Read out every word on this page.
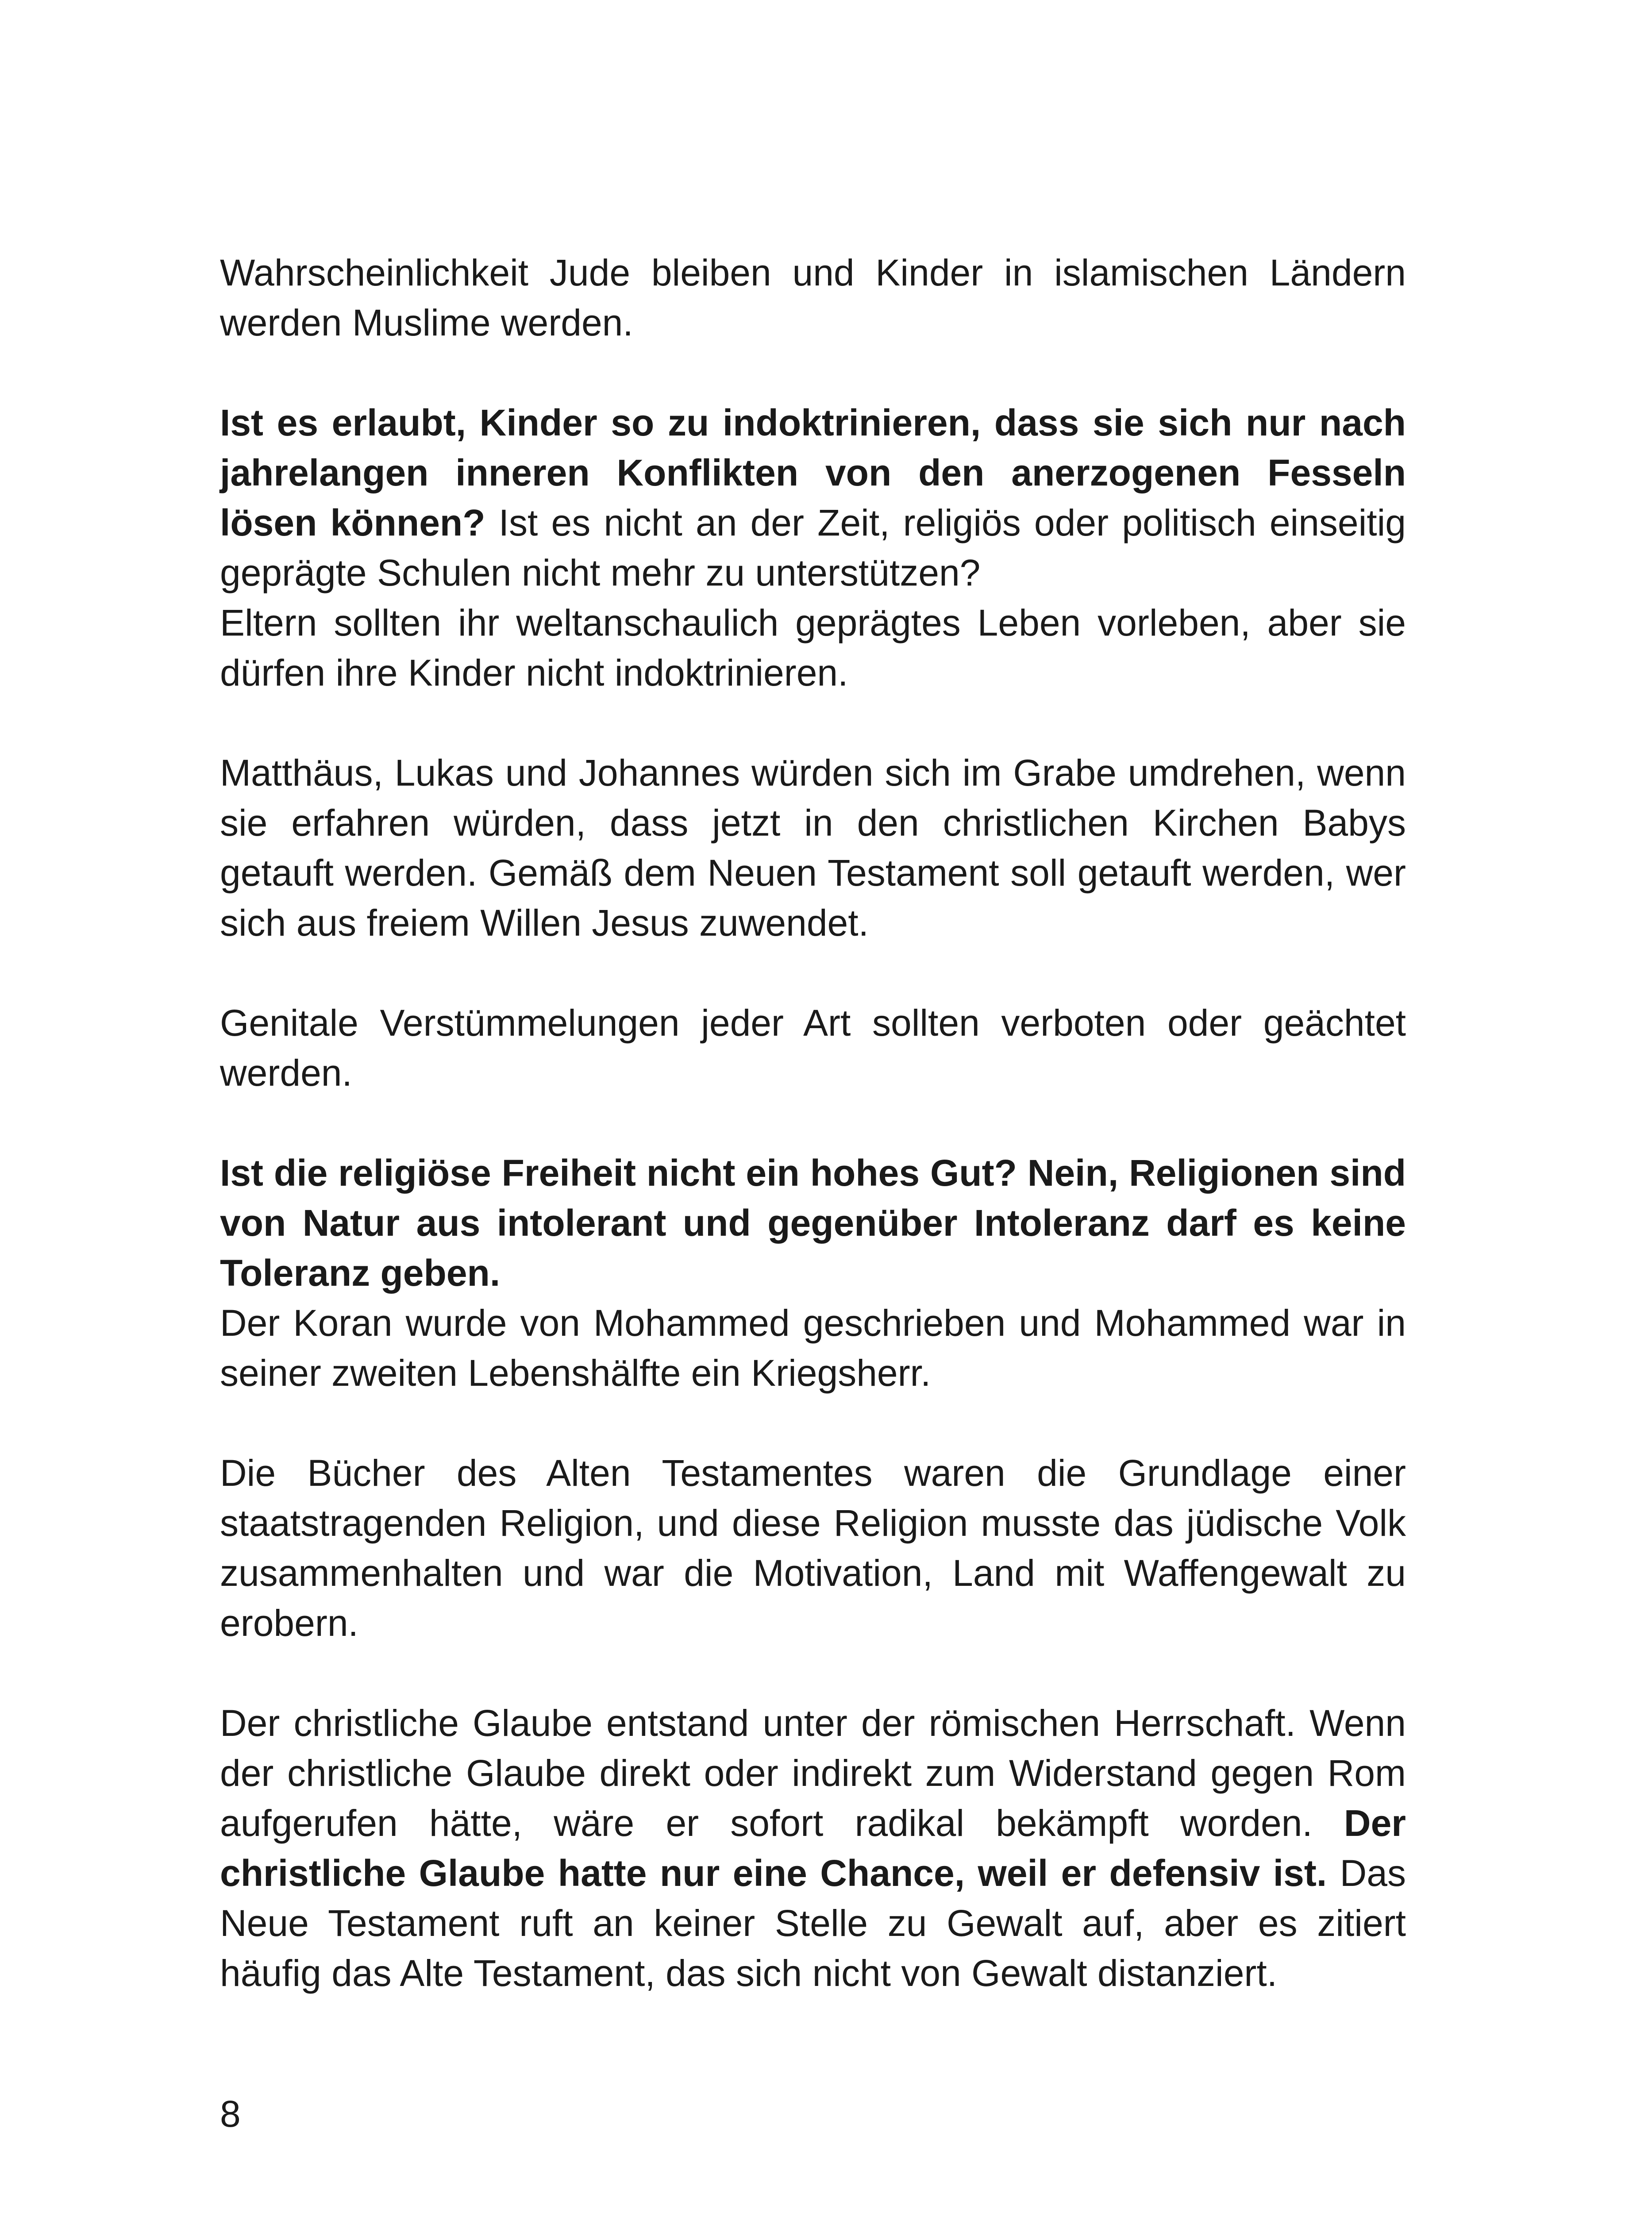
Wahrscheinlichkeit Jude bleiben und Kinder in islamischen Ländern werden Muslime werden.

Ist es erlaubt, Kinder so zu indoktrinieren, dass sie sich nur nach jahrelangen inneren Konflikten von den anerzogenen Fesseln lösen können? Ist es nicht an der Zeit, religiös oder politisch einseitig geprägte Schulen nicht mehr zu unterstützen?

Eltern sollten ihr weltanschaulich geprägtes Leben vorleben, aber sie dürfen ihre Kinder nicht indoktrinieren.

Matthäus, Lukas und Johannes würden sich im Grabe umdrehen, wenn sie erfahren würden, dass jetzt in den christlichen Kirchen Babys getauft werden. Gemäß dem Neuen Testament soll getauft werden, wer sich aus freiem Willen Jesus zuwendet.

Genitale Verstümmelungen jeder Art sollten verboten oder geächtet werden.

Ist die religiöse Freiheit nicht ein hohes Gut? Nein, Religionen sind von Natur aus intolerant und gegenüber Intoleranz darf es keine Toleranz geben.

Der Koran wurde von Mohammed geschrieben und Mohammed war in seiner zweiten Lebenshälfte ein Kriegsherr.

Die Bücher des Alten Testamentes waren die Grundlage einer staatstragenden Religion, und diese Religion musste das jüdische Volk zusammenhalten und war die Motivation, Land mit Waffengewalt zu erobern.

Der christliche Glaube entstand unter der römischen Herrschaft. Wenn der christliche Glaube direkt oder indirekt zum Widerstand gegen Rom aufgerufen hätte, wäre er sofort radikal bekämpft worden. Der christliche Glaube hatte nur eine Chance, weil er defensiv ist. Das Neue Testament ruft an keiner Stelle zu Gewalt auf, aber es zitiert häufig das Alte Testament, das sich nicht von Gewalt distanziert.

8
